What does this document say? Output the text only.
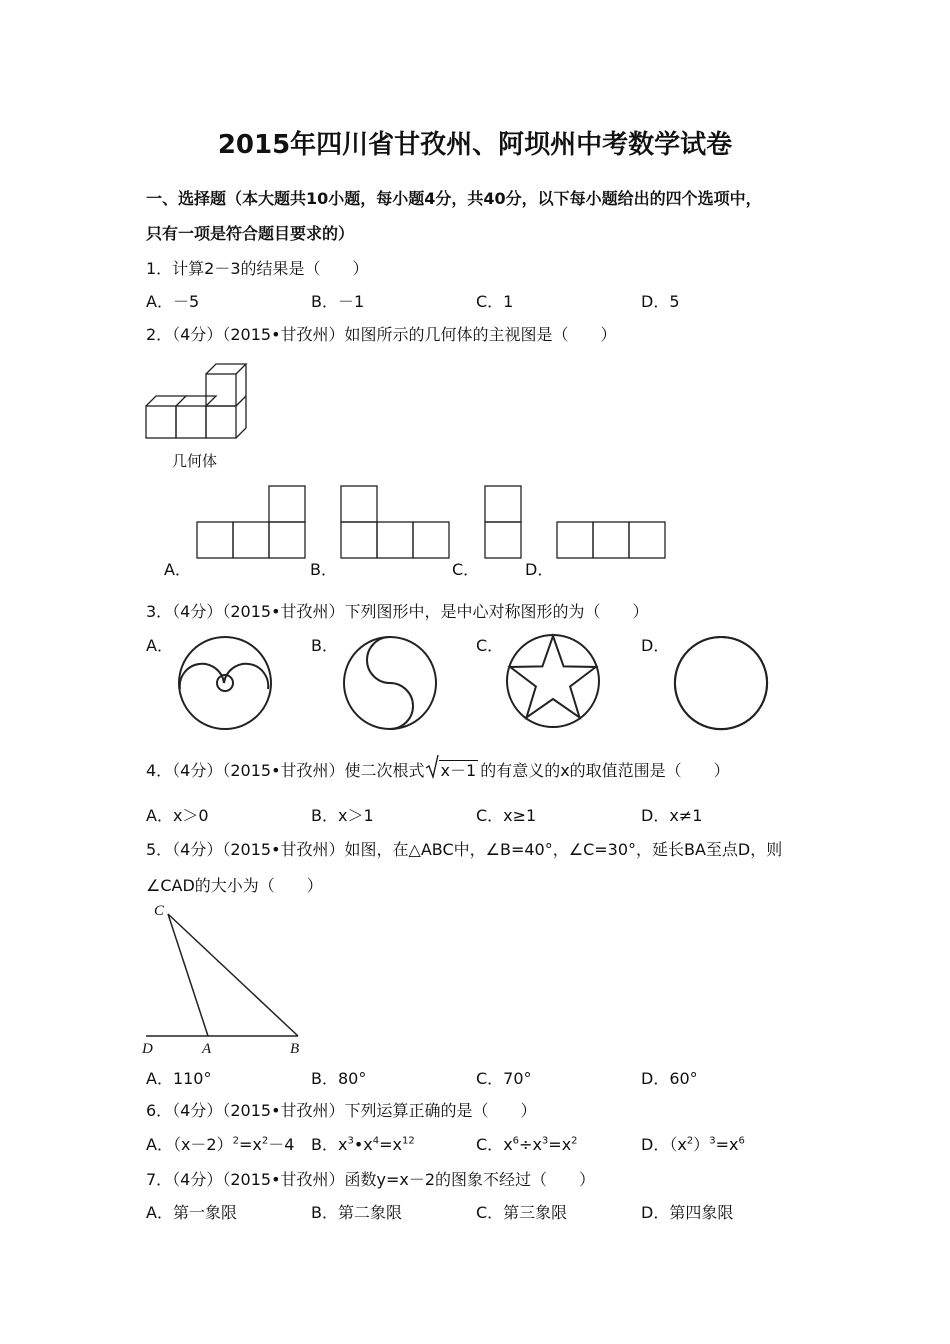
2015年四川省甘孜州、阿坝州中考数学试卷
一、选择题（本大题共10小题，每小题4分，共40分，以下每小题给出的四个选项中，
只有一项是符合题目要求的）
1．计算2－3的结果是（　　）
A．－5	B．－1	C．1	D．5
2．（4分）（2015•甘孜州）如图所示的几何体的主视图是（　　）
几何体
A．	B．	C．	D．
3．（4分）（2015•甘孜州）下列图形中，是中心对称图形的为（　　）
A．	B．	C．	D．
4．（4分）（2015•甘孜州）使二次根式 x－1 的有意义的x的取值范围是（　　）
A．x＞0	B．x＞1	C．x≥1	D．x≠1
5．（4分）（2015•甘孜州）如图，在△ABC中，∠B=40°，∠C=30°，延长BA至点D，则
∠CAD的大小为（　　）
C
D	A	B
A．110°	B．80°	C．70°	D．60°
6．（4分）（2015•甘孜州）下列运算正确的是（　　）
A．$(x-2)^2=x^2-4$ B．$x^3•x^4=x^{12}$	C．$x^6\div x^3=x^2$	D．$(x^2)^3=x^6$
7．（4分）（2015•甘孜州）函数y=x－2的图象不经过（　　）
A．第一象限	B．第二象限	C．第三象限	D．第四象限
